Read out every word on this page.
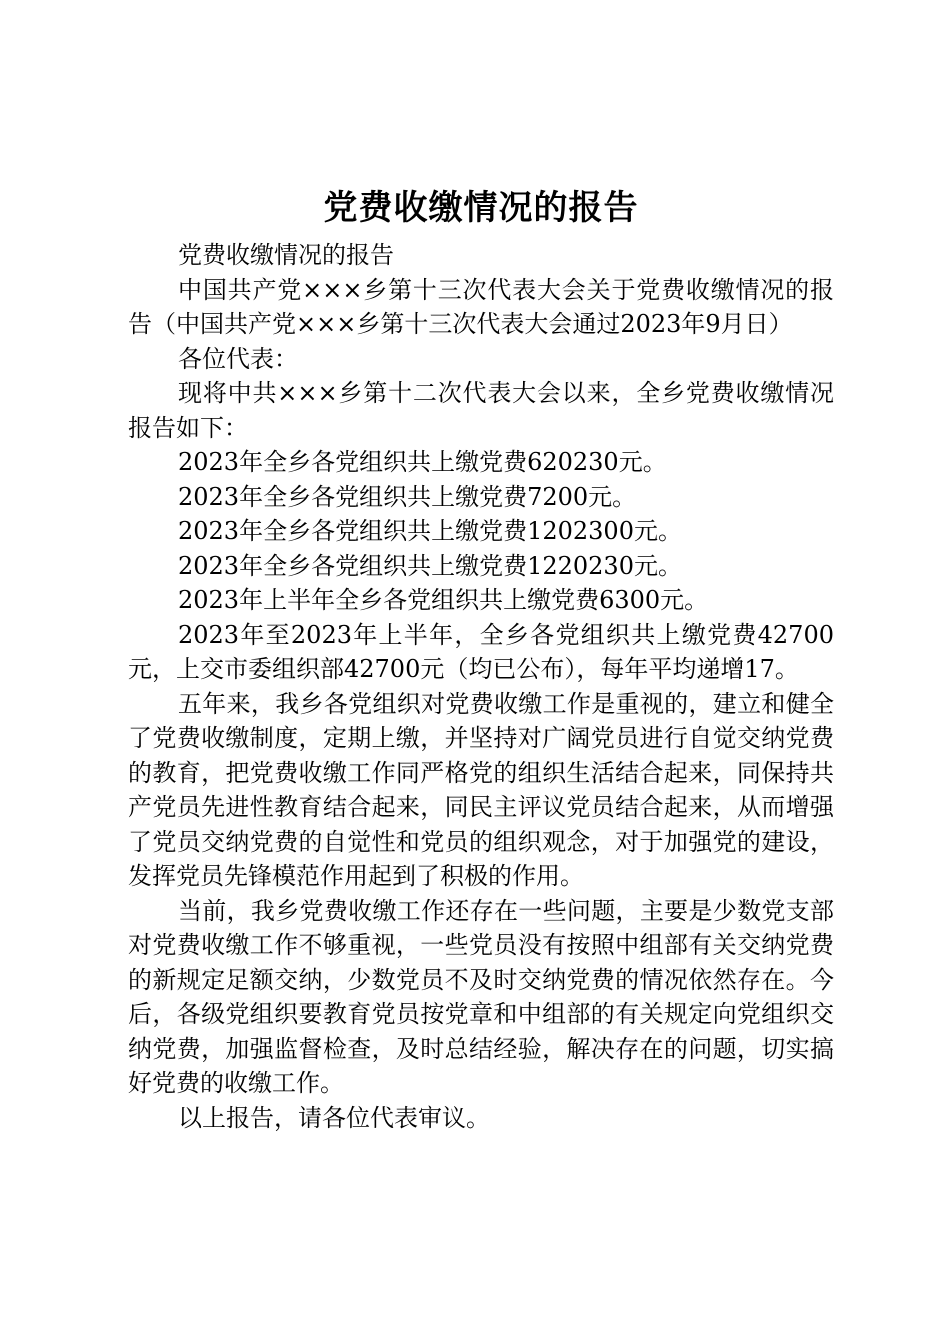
党费收缴情况的报告

党费收缴情况的报告

中国共产党×××乡第十三次代表大会关于党费收缴情况的报告（中国共产党×××乡第十三次代表大会通过2023年9月日）

各位代表：

现将中共×××乡第十二次代表大会以来，全乡党费收缴情况报告如下：

2023年全乡各党组织共上缴党费620230元。

2023年全乡各党组织共上缴党费7200元。

2023年全乡各党组织共上缴党费1202300元。

2023年全乡各党组织共上缴党费1220230元。

2023年上半年全乡各党组织共上缴党费6300元。

2023年至2023年上半年，全乡各党组织共上缴党费42700元，上交市委组织部42700元（均已公布），每年平均递增17。

五年来，我乡各党组织对党费收缴工作是重视的，建立和健全了党费收缴制度，定期上缴，并坚持对广阔党员进行自觉交纳党费的教育，把党费收缴工作同严格党的组织生活结合起来，同保持共产党员先进性教育结合起来，同民主评议党员结合起来，从而增强了党员交纳党费的自觉性和党员的组织观念，对于加强党的建设，发挥党员先锋模范作用起到了积极的作用。

当前，我乡党费收缴工作还存在一些问题，主要是少数党支部对党费收缴工作不够重视，一些党员没有按照中组部有关交纳党费的新规定足额交纳，少数党员不及时交纳党费的情况依然存在。今后，各级党组织要教育党员按党章和中组部的有关规定向党组织交纳党费，加强监督检查，及时总结经验，解决存在的问题，切实搞好党费的收缴工作。

以上报告，请各位代表审议。
